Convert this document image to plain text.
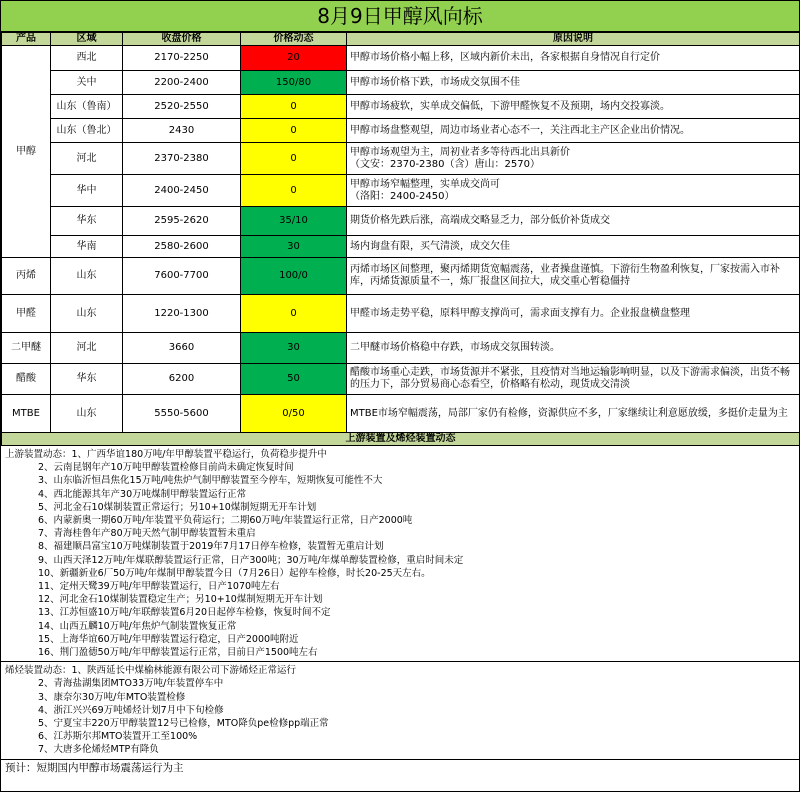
8月9日甲醇风向标
产品	区域	收盘价格	价格动态	原因说明
甲醇	西北	2170-2250	20	甲醇市场价格小幅上移，区域内新价未出，各家根据自身情况自行定价

	关中	2200-2400	150/80	甲醇市场价格下跌，市场成交氛围不佳

	山东（鲁南）	2520-2550	0	甲醇市场疲软，实单成交偏低，下游甲醛恢复不及预期，场内交投寡淡。

	山东（鲁北）	2430	0	甲醇市场盘整观望，周边市场业者心态不一，关注西北主产区企业出价情况。

	河北	2370-2380	0	甲醇市场观望为主，周初业者多等待西北出具新价
（文安：2370-2380（含）唐山：2570）

	华中	2400-2450	0	甲醇市场窄幅整理，实单成交尚可
（洛阳：2400-2450）

	华东	2595-2620	35/10	期货价格先跌后涨，高端成交略显乏力，部分低价补货成交

	华南	2580-2600	30	场内询盘有限，买气清淡，成交欠佳

丙烯	山东	7600-7700	100/0	丙烯市场区间整理，聚丙烯期货宽幅震荡，业者操盘谨慎。下游衍生物盈利恢复，厂家按需入市补库，丙烯货源质量不一，炼厂报盘区间拉大，成交重心暂稳僵持

甲醛	山东	1220-1300	0	甲醛市场走势平稳，原料甲醇支撑尚可，需求面支撑有力。企业报盘横盘整理

二甲醚	河北	3660	30	二甲醚市场价格稳中存跌，市场成交氛围转淡。

醋酸	华东	6200	50	醋酸市场重心走跌，市场货源并不紧张，且疫情对当地运输影响明显，以及下游需求偏淡，出货不畅的压力下，部分贸易商心态看空，价格略有松动，现货成交清淡

MTBE	山东	5550-5600	0/50	MTBE市场窄幅震荡，局部厂家仍有检修，资源供应不多，厂家继续让利意愿放缓，多挺价走量为主

上游装置及烯烃装置动态				
上游装置动态：1、广西华谊180万吨/年甲醇装置平稳运行，负荷稳步提升中
2、云南昆钢年产10万吨甲醇装置检修目前尚未确定恢复时间
3、山东临沂恒昌焦化15万吨/吨焦炉气制甲醇装置至今停车，短期恢复可能性不大
4、西北能源其年产30万吨煤制甲醇装置运行正常
5、河北金石10煤制装置正常运行；另10+10煤制短期无开车计划
6、内蒙新奥一期60万吨/年装置平负荷运行；二期60万吨/年装置运行正常，日产2000吨
7、青海桂鲁年产80万吨天然气制甲醇装置暂未重启
8、福建顺昌富宝10万吨煤制装置于2019年7月17日停车检修，装置暂无重启计划
9、山西天泽12万吨/年煤联醇装置运行正常，日产300吨；30万吨/年煤单醇装置检修，重启时间未定
10、新疆新业6厂50万吨/年煤制甲醇装置今日（7月26日）起停车检修，时长20-25天左右。
11、定州天鹭39万吨/年甲醇装置运行，日产1070吨左右
12、河北金石10煤制装置稳定生产；另10+10煤制短期无开车计划
13、江苏恒盛10万吨/年联醇装置6月20日起停车检修，恢复时间不定
14、山西五麟10万吨/年焦炉气制装置恢复正常
15、上海华谊60万吨/年甲醇装置运行稳定，日产2000吨附近
16、荆门盈德50万吨/年甲醇装置运行正常，目前日产1500吨左右
烯烃装置动态：1、陕西延长中煤榆林能源有限公司下游烯烃正常运行
2、青海盐湖集团MTO33万吨/年装置停车中
3、康奈尔30万吨/年MTO装置检修
4、浙江兴兴69万吨烯烃计划7月中下旬检修
5、宁夏宝丰220万甲醇装置12号已检修，MTO降负pe检修pp端正常
6、江苏斯尔邦MTO装置开工至100%
7、大唐多伦烯烃MTP有降负
预计：短期国内甲醇市场震荡运行为主
